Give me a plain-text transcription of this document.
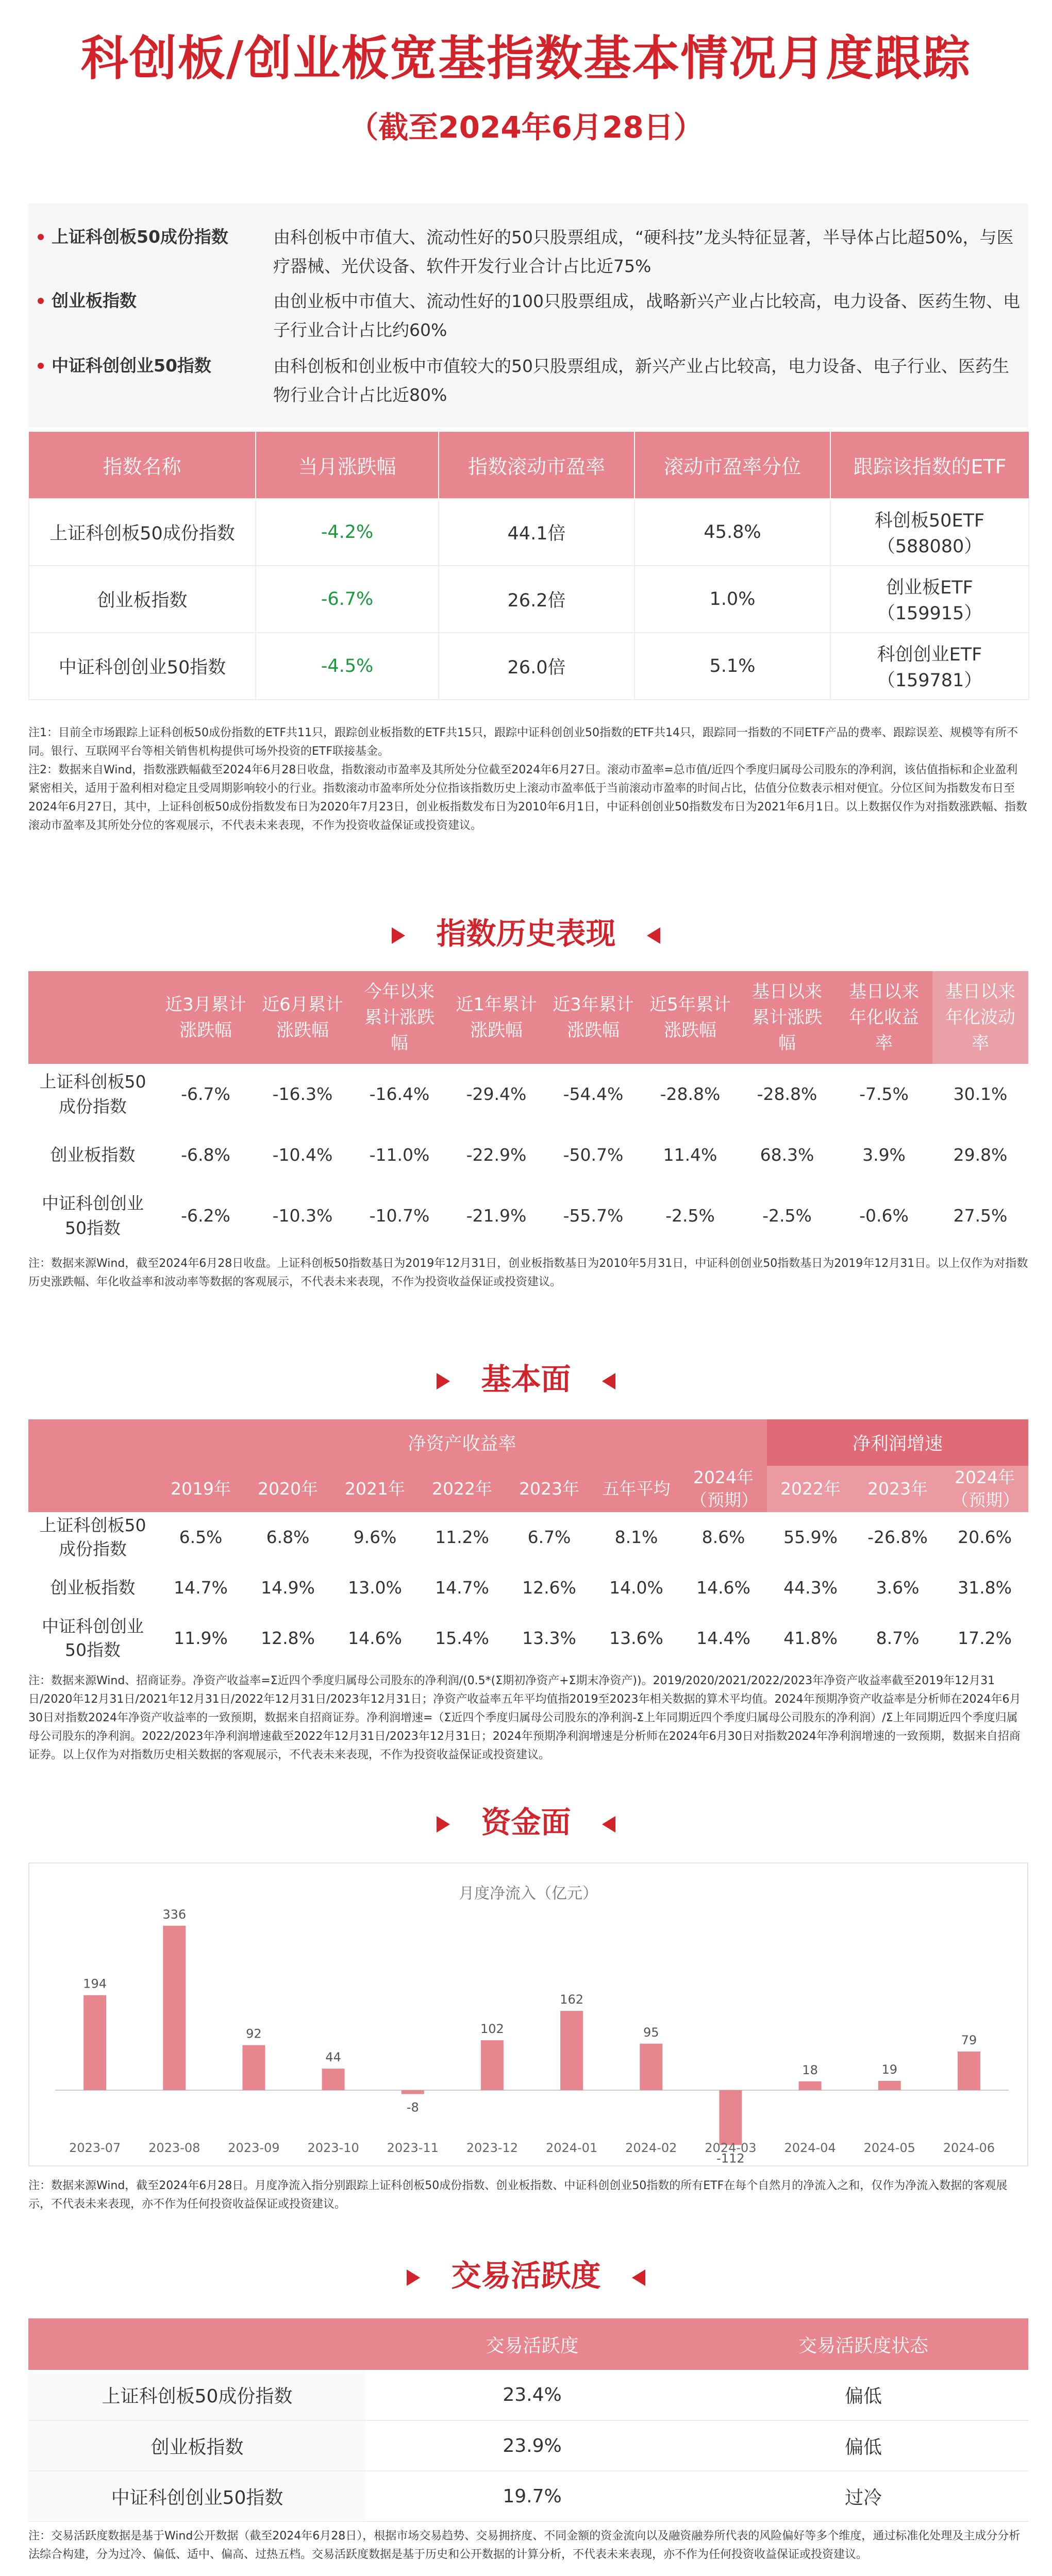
科创板/创业板宽基指数基本情况月度跟踪
（截至2024年6月28日）
上证科创板50成份指数	由科创板中市值大、流动性好的50只股票组成，“硬科技”龙头特征显著，半导体占比超50%，与医疗器械、光伏设备、软件开发行业合计占比近75%
创业板指数	由创业板中市值大、流动性好的100只股票组成，战略新兴产业占比较高，电力设备、医药生物、电子行业合计占比约60%
中证科创创业50指数	由科创板和创业板中市值较大的50只股票组成，新兴产业占比较高，电力设备、电子行业、医药生物行业合计占比近80%
指数名称	当月涨跌幅	指数滚动市盈率	滚动市盈率分位	跟踪该指数的ETF
上证科创板50成份指数	-4.2%	44.1倍	45.8%	科创板50ETF
（588080）

创业板指数	-6.7%	26.2倍	1.0%	创业板ETF
（159915）

中证科创创业50指数	-4.5%	26.0倍	5.1%	科创创业ETF
（159781）
注1：目前全市场跟踪上证科创板50成份指数的ETF共11只，跟踪创业板指数的ETF共15只，跟踪中证科创创业50指数的ETF共14只，跟踪同一指数的不同ETF产品的费率、跟踪误差、规模等有所不同。银行、互联网平台等相关销售机构提供可场外投资的ETF联接基金。
注2：数据来自Wind，指数涨跌幅截至2024年6月28日收盘，指数滚动市盈率及其所处分位截至2024年6月27日。滚动市盈率=总市值/近四个季度归属母公司股东的净利润，该估值指标和企业盈利紧密相关，适用于盈利相对稳定且受周期影响较小的行业。指数滚动市盈率所处分位指该指数历史上滚动市盈率低于当前滚动市盈率的时间占比，估值分位数表示相对便宜。分位区间为指数发布日至2024年6月27日，其中，上证科创板50成份指数发布日为2020年7月23日，创业板指数发布日为2010年6月1日，中证科创创业50指数发布日为2021年6月1日。以上数据仅作为对指数涨跌幅、指数滚动市盈率及其所处分位的客观展示，不代表未来表现，不作为投资收益保证或投资建议。
指数历史表现
	近3月累计涨跌幅	近6月累计涨跌幅	今年以来累计涨跌幅	近1年累计涨跌幅	近3年累计涨跌幅	近5年累计涨跌幅	基日以来累计涨跌幅	基日以来年化收益率	基日以来年化波动率
上证科创板50成份指数	-6.7%	-16.3%	-16.4%	-29.4%	-54.4%	-28.8%	-28.8%	-7.5%	30.1%
创业板指数	-6.8%	-10.4%	-11.0%	-22.9%	-50.7%	11.4%	68.3%	3.9%	29.8%
中证科创创业50指数	-6.2%	-10.3%	-10.7%	-21.9%	-55.7%	-2.5%	-2.5%	-0.6%	27.5%
注：数据来源Wind，截至2024年6月28日收盘。上证科创板50指数基日为2019年12月31日，创业板指数基日为2010年5月31日，中证科创创业50指数基日为2019年12月31日。以上仅作为对指数历史涨跌幅、年化收益率和波动率等数据的客观展示，不代表未来表现，不作为投资收益保证或投资建议。
基本面
	净资产收益率							净利润增速		
	2019年	2020年	2021年	2022年	2023年	五年平均	2024年（预期）	2022年	2023年	2024年（预期）
上证科创板50成份指数	6.5%	6.8%	9.6%	11.2%	6.7%	8.1%	8.6%	55.9%	-26.8%	20.6%
创业板指数	14.7%	14.9%	13.0%	14.7%	12.6%	14.0%	14.6%	44.3%	3.6%	31.8%
中证科创创业50指数	11.9%	12.8%	14.6%	15.4%	13.3%	13.6%	14.4%	41.8%	8.7%	17.2%
注：数据来源Wind、招商证券。净资产收益率=Σ近四个季度归属母公司股东的净利润/(0.5*(Σ期初净资产+Σ期末净资产))。2019/2020/2021/2022/2023年净资产收益率截至2019年12月31日/2020年12月31日/2021年12月31日/2022年12月31日/2023年12月31日；净资产收益率五年平均值指2019至2023年相关数据的算术平均值。2024年预期净资产收益率是分析师在2024年6月30日对指数2024年净资产收益率的一致预期，数据来自招商证券。净利润增速=（Σ近四个季度归属母公司股东的净利润-Σ上年同期近四个季度归属母公司股东的净利润）/Σ上年同期近四个季度归属母公司股东的净利润。2022/2023年净利润增速截至2022年12月31日/2023年12月31日；2024年预期净利润增速是分析师在2024年6月30日对指数2024年净利润增速的一致预期，数据来自招商证券。以上仅作为对指数历史相关数据的客观展示，不代表未来表现，不作为投资收益保证或投资建议。
资金面
月度净流入（亿元）
194
2023-07
336
2023-08
92
2023-09
44
2023-10
-8
2023-11
102
2023-12
162
2024-01
95
2024-02
-112
2024-03
18
2024-04
19
2024-05
79
2024-06
注：数据来源Wind，截至2024年6月28日。月度净流入指分别跟踪上证科创板50成份指数、创业板指数、中证科创创业50指数的所有ETF在每个自然月的净流入之和，仅作为净流入数据的客观展示，不代表未来表现，亦不作为任何投资收益保证或投资建议。
交易活跃度
	交易活跃度	交易活跃度状态
上证科创板50成份指数	23.4%	偏低
创业板指数	23.9%	偏低
中证科创创业50指数	19.7%	过冷
注：交易活跃度数据是基于Wind公开数据（截至2024年6月28日），根据市场交易趋势、交易拥挤度、不同金额的资金流向以及融资融券所代表的风险偏好等多个维度，通过标准化处理及主成分分析法综合构建，分为过冷、偏低、适中、偏高、过热五档。交易活跃度数据是基于历史和公开数据的计算分析，不代表未来表现，亦不作为任何投资收益保证或投资建议。
